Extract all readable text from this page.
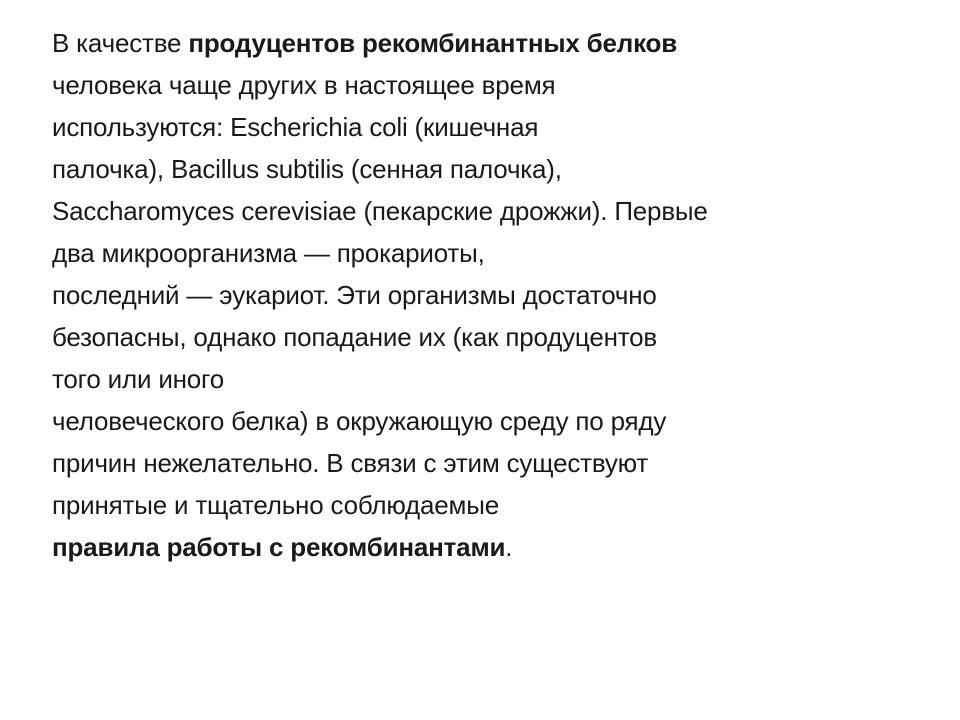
В качестве продуцентов рекомбинантных белков
человека чаще других в настоящее время
используются: Escherichia coli (кишечная
палочка), Bacillus subtilis (сенная палочка),
Saccharomyces cerevisiae (пекарские дрожжи). Первые
два микроорганизма — прокариоты,
последний — эукариот. Эти организмы достаточно
безопасны, однако попадание их (как продуцентов
того или иного
человеческого белка) в окружающую среду по ряду
причин нежелательно. В связи с этим существуют
принятые и тщательно соблюдаемые
правила работы с рекомбинантами.
